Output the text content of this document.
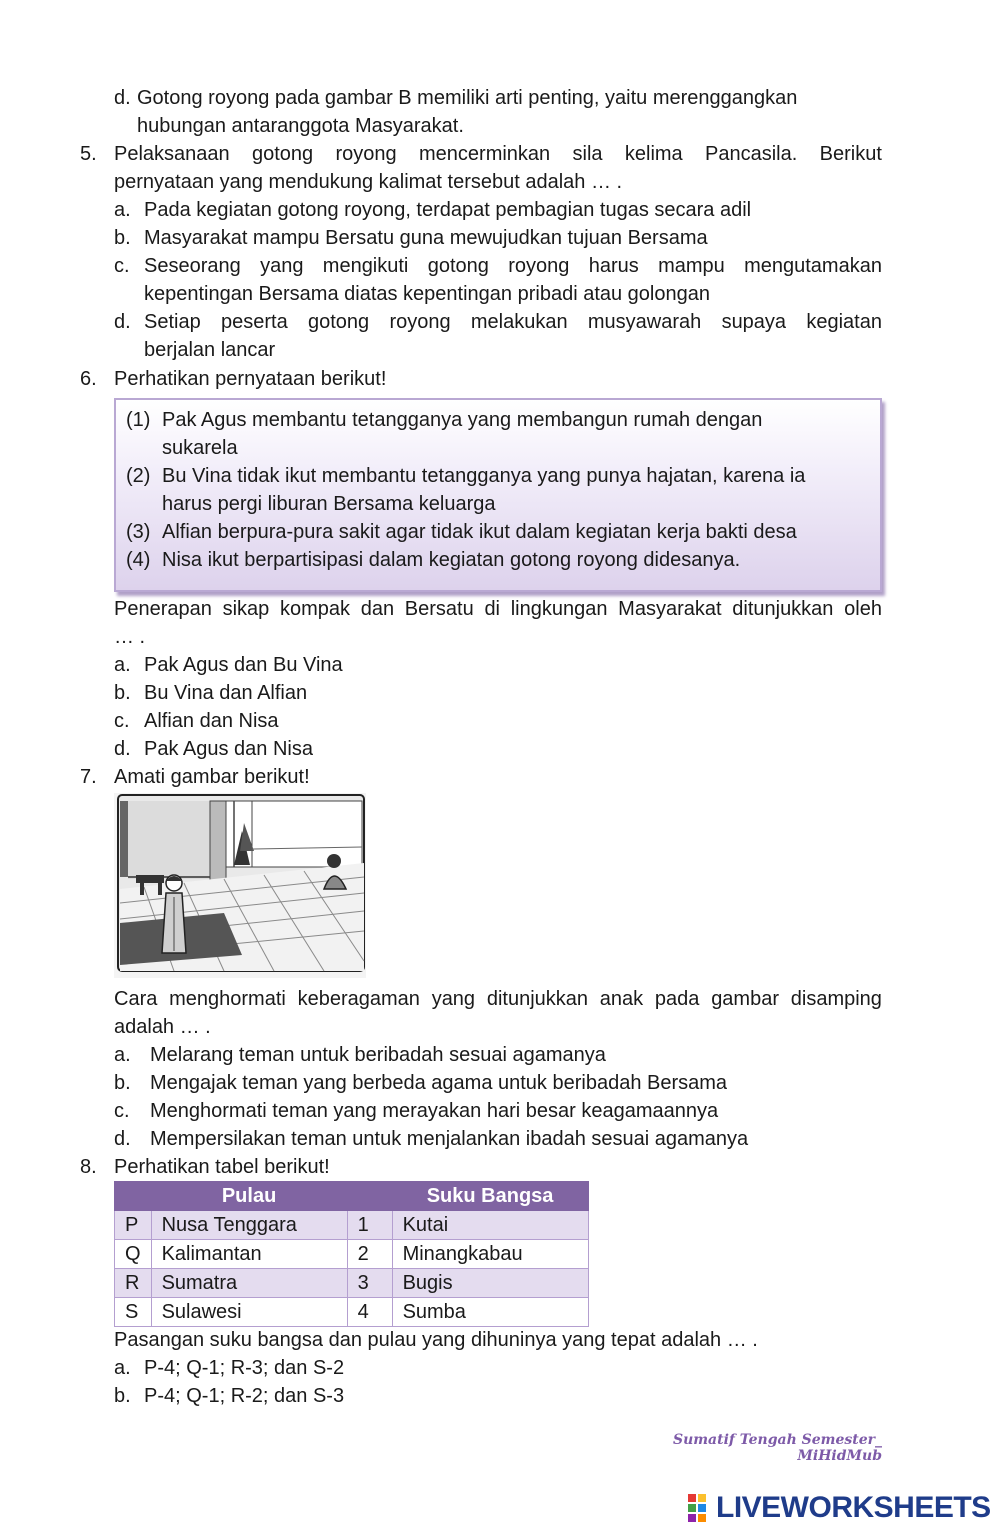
d. Gotong royong pada gambar B memiliki arti penting, yaitu merenggangkan
hubungan antaranggota Masyarakat.
5. Pelaksanaan gotong royong mencerminkan sila kelima Pancasila. Berikut
pernyataan yang mendukung kalimat tersebut adalah … .
a. Pada kegiatan gotong royong, terdapat pembagian tugas secara adil
b. Masyarakat mampu Bersatu guna mewujudkan tujuan Bersama
c. Seseorang yang mengikuti gotong royong harus mampu mengutamakan
kepentingan Bersama diatas kepentingan pribadi atau golongan
d. Setiap peserta gotong royong melakukan musyawarah supaya kegiatan
berjalan lancar
6. Perhatikan pernyataan berikut!
(1) Pak Agus membantu tetangganya yang membangun rumah dengan
sukarela
(2) Bu Vina tidak ikut membantu tetangganya yang punya hajatan, karena ia
harus pergi liburan Bersama keluarga
(3) Alfian berpura-pura sakit agar tidak ikut dalam kegiatan kerja bakti desa
(4) Nisa ikut berpartisipasi dalam kegiatan gotong royong didesanya.
Penerapan sikap kompak dan Bersatu di lingkungan Masyarakat ditunjukkan oleh
… .
a. Pak Agus dan Bu Vina
b. Bu Vina dan Alfian
c. Alfian dan Nisa
d. Pak Agus dan Nisa
7. Amati gambar berikut!
Cara menghormati keberagaman yang ditunjukkan anak pada gambar disamping
adalah … .
a. Melarang teman untuk beribadah sesuai agamanya
b. Mengajak teman yang berbeda agama untuk beribadah Bersama
c. Menghormati teman yang merayakan hari besar keagamaannya
d. Mempersilakan teman untuk menjalankan ibadah sesuai agamanya
8. Perhatikan tabel berikut!
	Pulau		Suku Bangsa
P	Nusa Tenggara	1	Kutai
Q	Kalimantan	2	Minangkabau
R	Sumatra	3	Bugis
S	Sulawesi	4	Sumba
Pasangan suku bangsa dan pulau yang dihuninya yang tepat adalah … .
a. P-4; Q-1; R-3; dan S-2
b. P-4; Q-1; R-2; dan S-3
Sumatif Tengah Semester_ MiHidMub
LIVEWORKSHEETS
